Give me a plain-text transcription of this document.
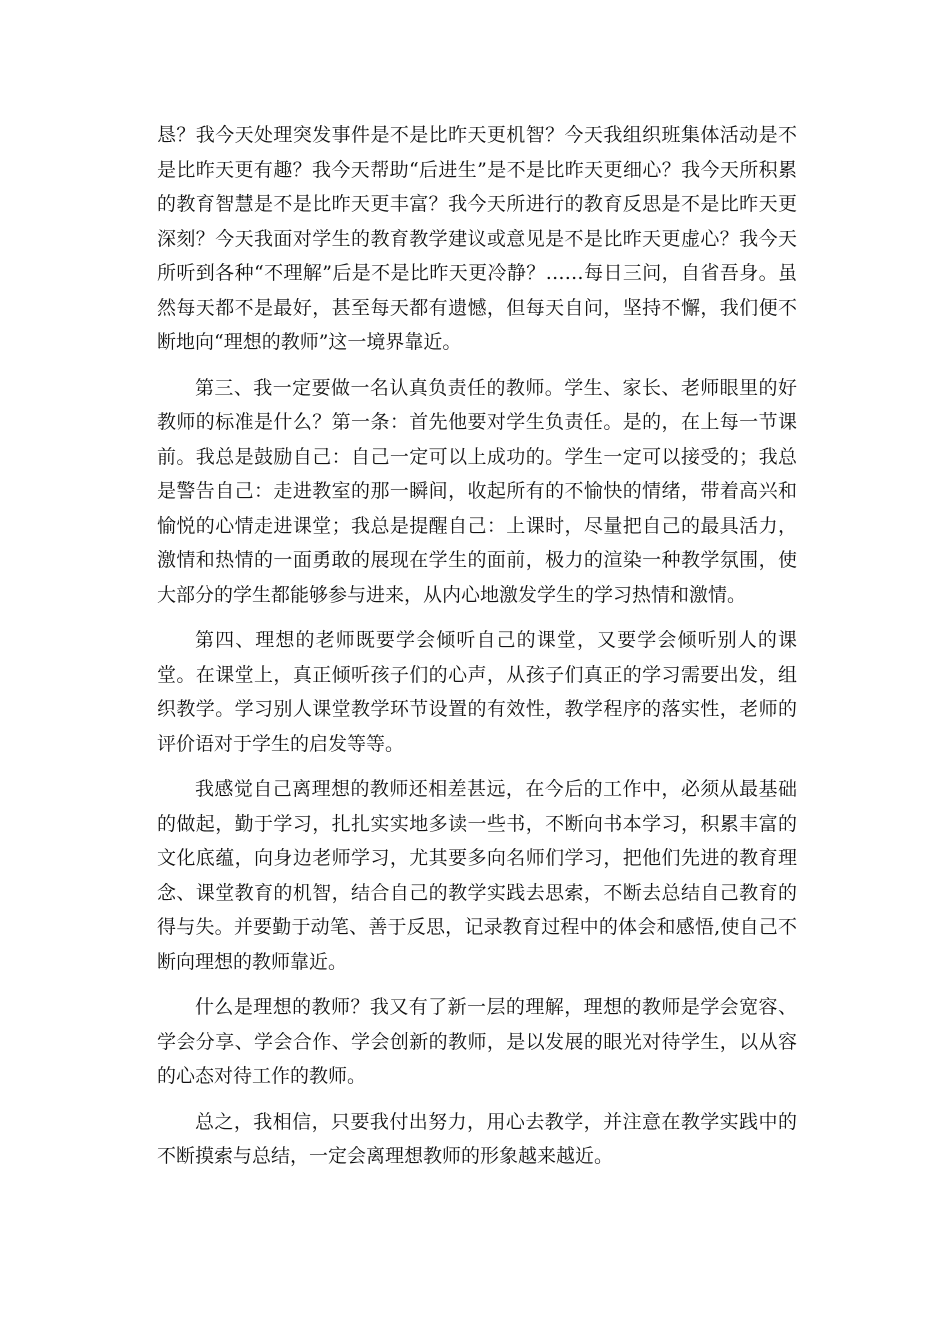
恳？我今天处理突发事件是不是比昨天更机智？今天我组织班集体活动是不是比昨天更有趣？我今天帮助“后进生”是不是比昨天更细心？我今天所积累的教育智慧是不是比昨天更丰富？我今天所进行的教育反思是不是比昨天更深刻？今天我面对学生的教育教学建议或意见是不是比昨天更虚心？我今天所听到各种“不理解”后是不是比昨天更冷静？……每日三问，自省吾身。虽然每天都不是最好，甚至每天都有遗憾，但每天自问，坚持不懈，我们便不断地向“理想的教师”这一境界靠近。

第三、我一定要做一名认真负责任的教师。学生、家长、老师眼里的好教师的标准是什么？第一条：首先他要对学生负责任。是的，在上每一节课前。我总是鼓励自己：自己一定可以上成功的。学生一定可以接受的；我总是警告自己：走进教室的那一瞬间，收起所有的不愉快的情绪，带着高兴和愉悦的心情走进课堂；我总是提醒自己：上课时，尽量把自己的最具活力，激情和热情的一面勇敢的展现在学生的面前，极力的渲染一种教学氛围，使大部分的学生都能够参与进来，从内心地激发学生的学习热情和激情。

第四、理想的老师既要学会倾听自己的课堂，又要学会倾听别人的课堂。在课堂上，真正倾听孩子们的心声，从孩子们真正的学习需要出发，组织教学。学习别人课堂教学环节设置的有效性，教学程序的落实性，老师的评价语对于学生的启发等等。

我感觉自己离理想的教师还相差甚远，在今后的工作中，必须从最基础的做起，勤于学习，扎扎实实地多读一些书，不断向书本学习，积累丰富的文化底蕴，向身边老师学习，尤其要多向名师们学习，把他们先进的教育理念、课堂教育的机智，结合自己的教学实践去思索，不断去总结自己教育的得与失。并要勤于动笔、善于反思，记录教育过程中的体会和感悟,使自己不断向理想的教师靠近。

什么是理想的教师？我又有了新一层的理解，理想的教师是学会宽容、学会分享、学会合作、学会创新的教师，是以发展的眼光对待学生，以从容的心态对待工作的教师。

总之，我相信，只要我付出努力，用心去教学，并注意在教学实践中的不断摸索与总结，一定会离理想教师的形象越来越近。
